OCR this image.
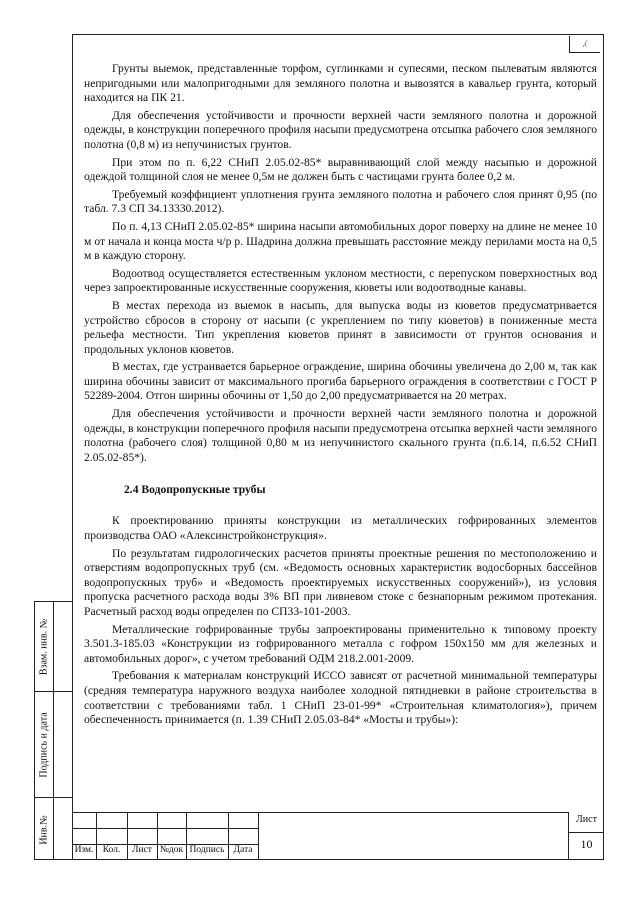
ʎ

Грунты выемок, представленные торфом, суглинками и супесями, песком пылеватым являются непригодными или малопригодными для земляного полотна и вывозятся в кавальер грунта, который находится на ПК 21.

Для обеспечения устойчивости и прочности верхней части земляного полотна и дорожной одежды, в конструкции поперечного профиля насыпи предусмотрена отсыпка рабочего слоя земляного полотна (0,8 м) из непучинистых грунтов.

При этом по п. 6,22 СНиП 2.05.02-85* выравнивающий слой между насыпью и дорожной одеждой толщиной слоя не менее 0,5м не должен быть с частицами грунта более 0,2 м.

Требуемый коэффициент уплотнения грунта земляного полотна и рабочего слоя принят 0,95 (по табл. 7.3 СП 34.13330.2012).

По п. 4,13 СНиП 2.05.02-85* ширина насыпи автомобильных дорог поверху на длине не менее 10 м от начала и конца моста ч/р р. Шадрина должна превышать расстояние между перилами моста на 0,5 м в каждую сторону.

Водоотвод осуществляется естественным уклоном местности, с перепуском поверхностных вод через запроектированные искусственные сооружения, кюветы или водоотводные канавы.

В местах перехода из выемок в насыпь, для выпуска воды из кюветов предусматривается устройство сбросов в сторону от насыпи (с укреплением по типу кюветов) в пониженные места рельефа местности. Тип укрепления кюветов принят в зависимости от грунтов основания и продольных уклонов кюветов.

В местах, где устраивается барьерное ограждение, ширина обочины увеличена до 2,00 м, так как ширина обочины зависит от максимального прогиба барьерного ограждения в соответствии с ГОСТ Р 52289-2004. Отгон ширины обочины от 1,50 до 2,00 предусматривается на 20 метрах.

Для обеспечения устойчивости и прочности верхней части земляного полотна и дорожной одежды, в конструкции поперечного профиля насыпи предусмотрена отсыпка верхней части земляного полотна (рабочего слоя) толщиной 0,80 м из непучинистого скального грунта (п.6.14, п.6.52 СНиП 2.05.02-85*).

2.4 Водопропускные трубы

К проектированию приняты конструкции из металлических гофрированных элементов производства ОАО «Алексинстройконструкция».

По результатам гидрологических расчетов приняты проектные решения по местоположению и отверстиям водопропускных труб (см. «Ведомость основных характеристик водосборных бассейнов водопропускных труб» и «Ведомость проектируемых искусственных сооружений»), из условия пропуска расчетного расхода воды 3% ВП при ливневом стоке с безнапорным режимом протекания. Расчетный расход воды определен по СП33-101-2003.

Металлические гофрированные трубы запроектированы применительно к типовому проекту 3.501.3-185.03 «Конструкции из гофрированного металла с гофром 150х150 мм для железных и автомобильных дорог», с учетом требований ОДМ 218.2.001-2009.

Требования к материалам конструкций ИССО зависят от расчетной минимальной температуры (средняя температура наружного воздуха наиболее холодной пятидневки в районе строительства в соответствии с требованиями табл. 1 СНиП 23-01-99* «Строительная климатология»), причем обеспеченность принимается (п. 1.39 СНиП 2.05.03-84* «Мосты и трубы»):

Взам. инв. №
Подпись и дата
Инв.№
Изм. Кол.	Лист №док Подпись Дата
Лист
10
